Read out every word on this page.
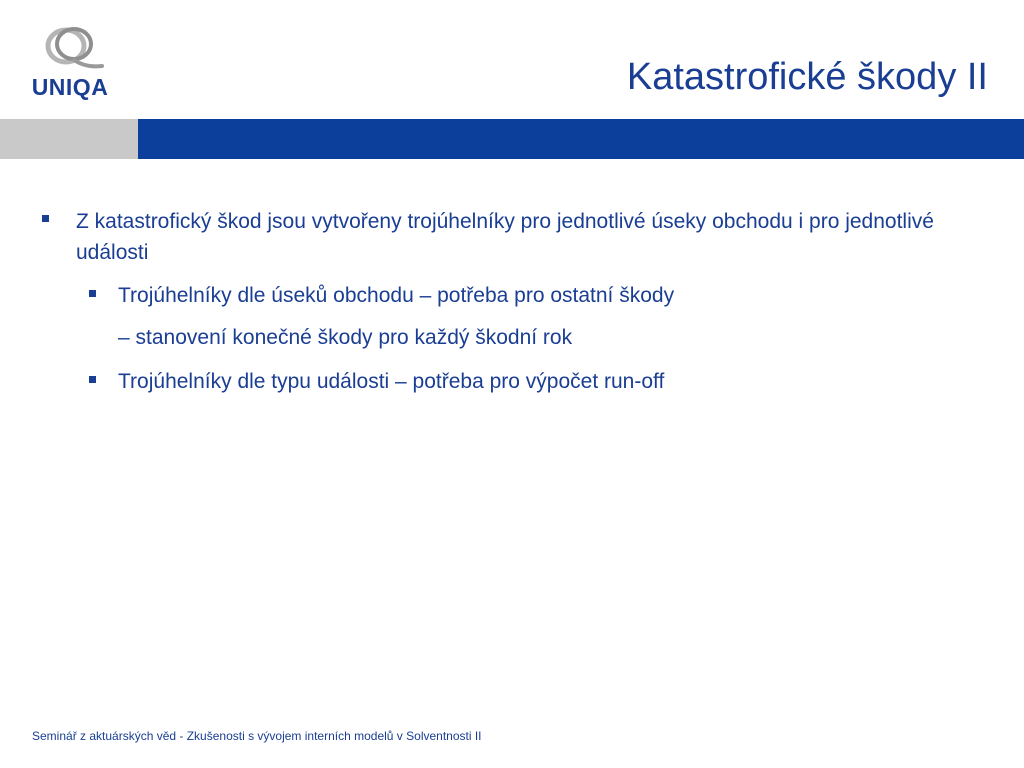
UNIQA	Katastrofické škody II
Z katastrofický škod jsou vytvořeny trojúhelníky pro jednotlivé úseky obchodu i pro jednotlivé události
Trojúhelníky dle úseků obchodu – potřeba pro ostatní škody
– stanovení konečné škody pro každý škodní rok
Trojúhelníky dle typu události – potřeba pro výpočet run-off
Seminář z aktuárských věd - Zkušenosti s vývojem interních modelů v Solventnosti II
